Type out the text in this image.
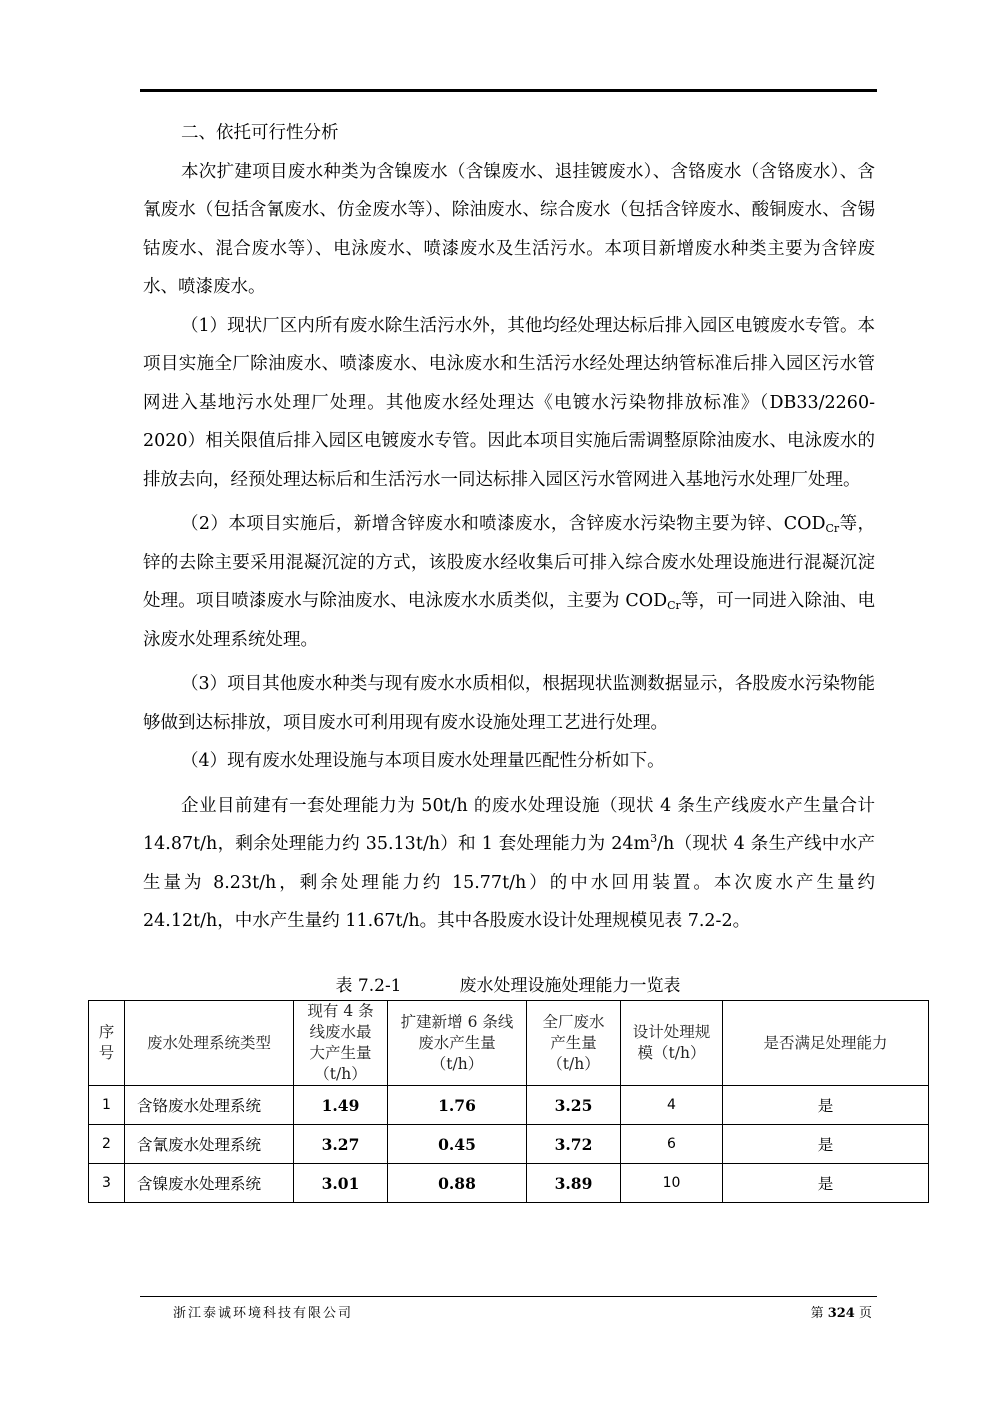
二、依托可行性分析

本次扩建项目废水种类为含镍废水（含镍废水、退挂镀废水）、含铬废水（含铬废水）、含氰废水（包括含氰废水、仿金废水等）、除油废水、综合废水（包括含锌废水、酸铜废水、含锡钴废水、混合废水等）、电泳废水、喷漆废水及生活污水。本项目新增废水种类主要为含锌废水、喷漆废水。

（1）现状厂区内所有废水除生活污水外，其他均经处理达标后排入园区电镀废水专管。本项目实施全厂除油废水、喷漆废水、电泳废水和生活污水经处理达纳管标准后排入园区污水管网进入基地污水处理厂处理。其他废水经处理达《电镀水污染物排放标准》（DB33/2260-2020）相关限值后排入园区电镀废水专管。因此本项目实施后需调整原除油废水、电泳废水的排放去向，经预处理达标后和生活污水一同达标排入园区污水管网进入基地污水处理厂处理。

（2）本项目实施后，新增含锌废水和喷漆废水，含锌废水污染物主要为锌、$COD_{Cr}$等，锌的去除主要采用混凝沉淀的方式，该股废水经收集后可排入综合废水处理设施进行混凝沉淀处理。项目喷漆废水与除油废水、电泳废水水质类似，主要为 $COD_{Cr}$等，可一同进入除油、电泳废水处理系统处理。

（3）项目其他废水种类与现有废水水质相似，根据现状监测数据显示，各股废水污染物能够做到达标排放，项目废水可利用现有废水设施处理工艺进行处理。

（4）现有废水处理设施与本项目废水处理量匹配性分析如下。

企业目前建有一套处理能力为 50t/h 的废水处理设施（现状 4 条生产线废水产生量合计 14.87t/h，剩余处理能力约 35.13t/h）和 1 套处理能力为 $24m^3/h$（现状 4 条生产线中水产生量为 8.23t/h，剩余处理能力约 15.77t/h）的中水回用装置。本次废水产生量约 24.12t/h，中水产生量约 11.67t/h。其中各股废水设计处理规模见表 7.2-2。

表 7.2-1	废水处理设施处理能力一览表
序号	废水处理系统类型	现有 4 条线废水最大产生量（t/h）	扩建新增 6 条线废水产生量（t/h）	全厂废水产生量（t/h）	设计处理规模（t/h）	是否满足处理能力
1	含铬废水处理系统	1.49	1.76	3.25	4	是
2	含氰废水处理系统	3.27	0.45	3.72	6	是
3	含镍废水处理系统	3.01	0.88	3.89	10	是
浙江泰诚环境科技有限公司	第 324 页
